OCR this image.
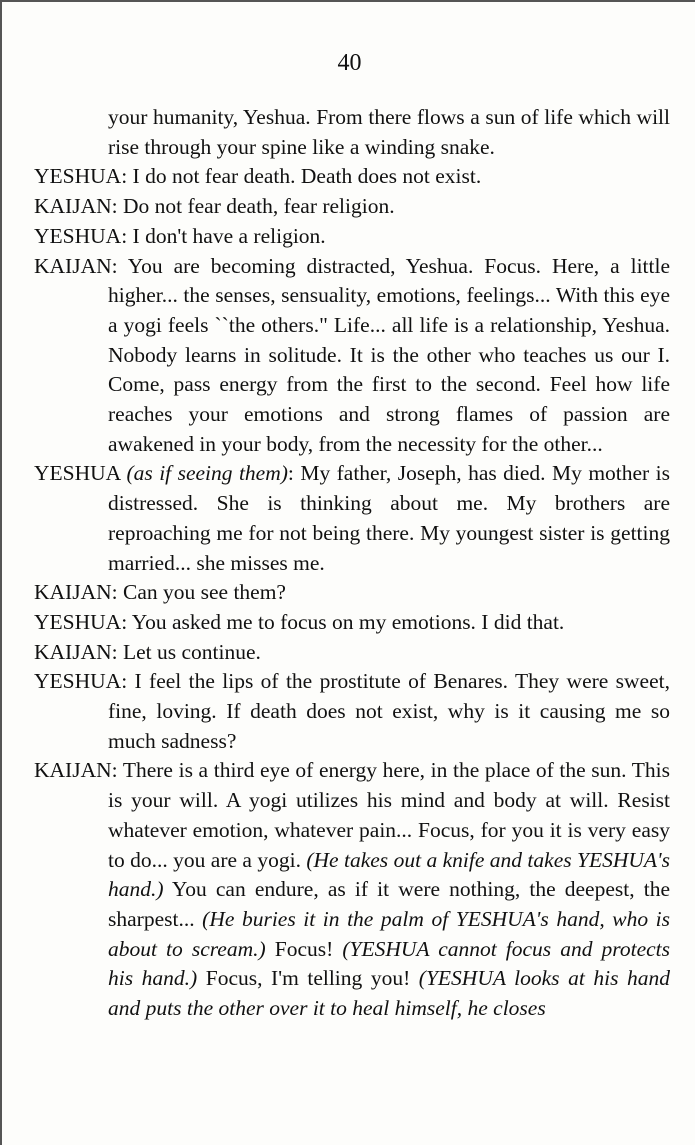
40

your humanity, Yeshua. From there flows a sun of life which will rise through your spine like a winding snake.

YESHUA: I do not fear death. Death does not exist.

KAIJAN: Do not fear death, fear religion.

YESHUA: I don't have a religion.

KAIJAN: You are becoming distracted, Yeshua. Focus. Here, a little higher... the senses, sensuality, emotions, feelings... With this eye a yogi feels ``the others." Life... all life is a relationship, Yeshua. Nobody learns in solitude. It is the other who teaches us our I. Come, pass energy from the first to the second. Feel how life reaches your emotions and strong flames of passion are awakened in your body, from the necessity for the other...

YESHUA (as if seeing them): My father, Joseph, has died. My mother is distressed. She is thinking about me. My brothers are reproaching me for not being there. My youngest sister is getting married... she misses me.

KAIJAN: Can you see them?

YESHUA: You asked me to focus on my emotions. I did that.

KAIJAN: Let us continue.

YESHUA: I feel the lips of the prostitute of Benares. They were sweet, fine, loving. If death does not exist, why is it causing me so much sadness?

KAIJAN: There is a third eye of energy here, in the place of the sun. This is your will. A yogi utilizes his mind and body at will. Resist whatever emotion, whatever pain... Focus, for you it is very easy to do... you are a yogi. (He takes out a knife and takes YESHUA's hand.) You can endure, as if it were nothing, the deepest, the sharpest... (He buries it in the palm of YESHUA's hand, who is about to scream.) Focus! (YESHUA cannot focus and protects his hand.) Focus, I'm telling you! (YESHUA looks at his hand and puts the other over it to heal himself, he closes
